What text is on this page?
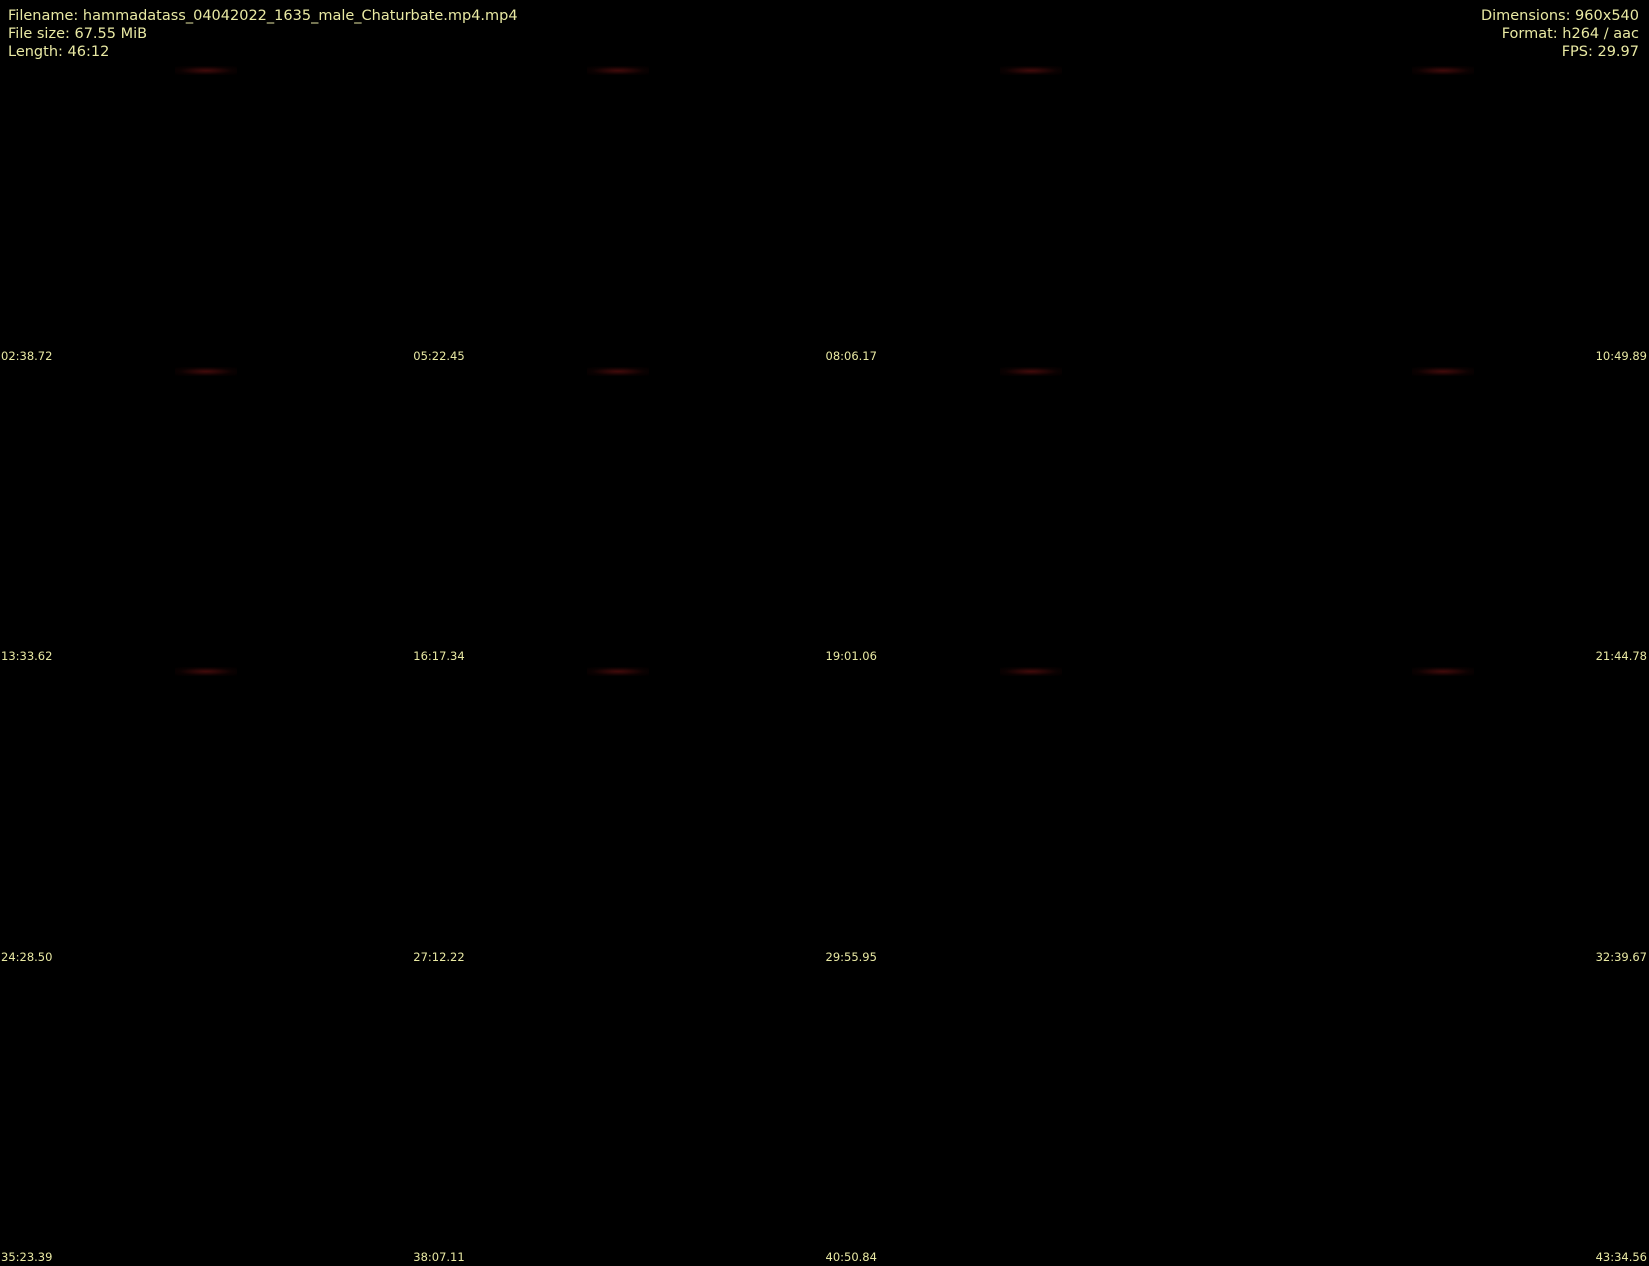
Filename: hammadatass_04042022_1635_male_Chaturbate.mp4.mp4
File size: 67.55 MiB
Length: 46:12
Dimensions: 960x540
Format: h264 / aac
FPS: 29.97
02:38.72	05:22.45	08:06.17	10:49.89
13:33.62	16:17.34	19:01.06	21:44.78
24:28.50	27:12.22	29:55.95	32:39.67
35:23.39	38:07.11	40:50.84	43:34.56
